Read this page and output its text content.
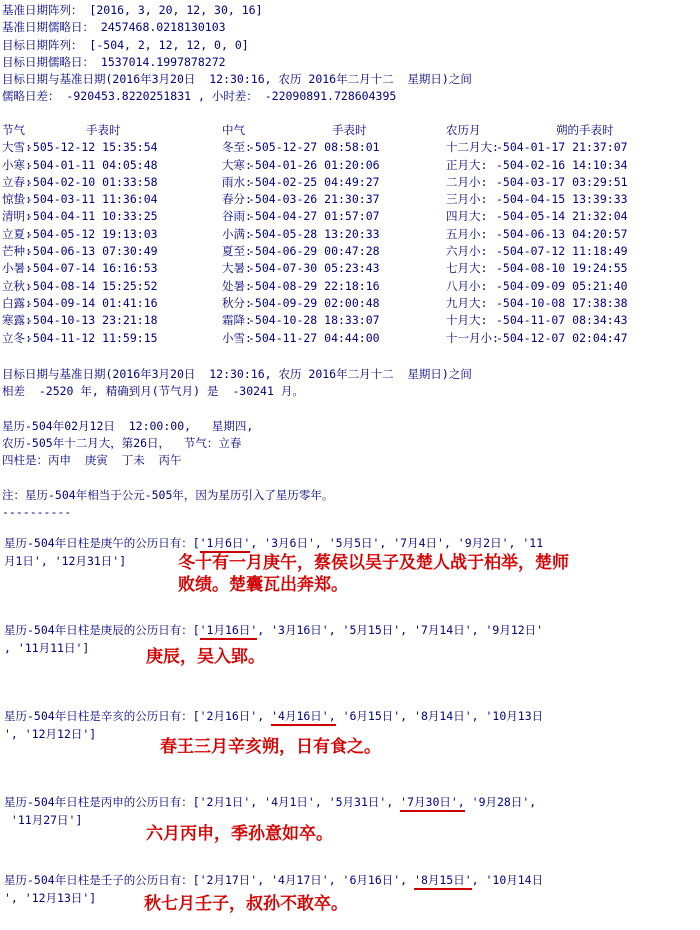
基准日期阵列： [2016, 3, 20, 12, 30, 16]

基准日期儒略日： 2457468.0218130103

目标日期阵列： [-504, 2, 12, 12, 0, 0]

目标日期儒略日： 1537014.1997878272

目标日期与基准日期(2016年3月20日  12:30:16, 农历 2016年二月十二  星期日)之间

儒略日差： -920453.8220251831 , 小时差： -22090891.728604395

节气	手表时	中气	手表时	农历月	朔的手表时
大雪:	-505-12-12 15:35:54	冬至:	-505-12-27 08:58:01	十二月大:	-504-01-17 21:37:07
小寒:	-504-01-11 04:05:48	大寒:	-504-01-26 01:20:06	正月大:	-504-02-16 14:10:34
立春:	-504-02-10 01:33:58	雨水:	-504-02-25 04:49:27	二月小:	-504-03-17 03:29:51
惊蛰:	-504-03-11 11:36:04	春分:	-504-03-26 21:30:37	三月小:	-504-04-15 13:39:33
清明:	-504-04-11 10:33:25	谷雨:	-504-04-27 01:57:07	四月大:	-504-05-14 21:32:04
立夏:	-504-05-12 19:13:03	小满:	-504-05-28 13:20:33	五月小:	-504-06-13 04:20:57
芒种:	-504-06-13 07:30:49	夏至:	-504-06-29 00:47:28	六月小:	-504-07-12 11:18:49
小暑:	-504-07-14 16:16:53	大暑:	-504-07-30 05:23:43	七月大:	-504-08-10 19:24:55
立秋:	-504-08-14 15:25:52	处暑:	-504-08-29 22:18:16	八月小:	-504-09-09 05:21:40
白露:	-504-09-14 01:41:16	秋分:	-504-09-29 02:00:48	九月大:	-504-10-08 17:38:38
寒露:	-504-10-13 23:21:18	霜降:	-504-10-28 18:33:07	十月大:	-504-11-07 08:34:43
立冬:	-504-11-12 11:59:15	小雪:	-504-11-27 04:44:00	十一月小:	-504-12-07 02:04:47

目标日期与基准日期(2016年3月20日  12:30:16, 农历 2016年二月十二  星期日)之间

相差  -2520 年, 精确到月(节气月) 是  -30241 月。

星历-504年02月12日  12:00:00,   星期四,

农历-505年十二月大，第26日，  节气：立春

四柱是：丙申  庚寅  丁未  丙午

注：星历-504年相当于公元-505年，因为星历引入了星历零年。

----------

星历-504年日柱是庚午的公历日有：['1月6日', '3月6日', '5月5日', '7月4日', '9月2日', '11

月1日', '12月31日']	冬十有一月庚午，蔡侯以吴子及楚人战于柏举，楚师
败绩。楚囊瓦出奔郑。

星历-504年日柱是庚辰的公历日有：['1月16日', '3月16日', '5月15日', '7月14日', '9月12日'

, '11月11日']	庚辰，吴入郢。

星历-504年日柱是辛亥的公历日有：['2月16日', '4月16日', '6月15日', '8月14日', '10月13日

', '12月12日']

春王三月辛亥朔，日有食之。

星历-504年日柱是丙申的公历日有：['2月1日', '4月1日', '5月31日', '7月30日', '9月28日',

'11月27日']

六月丙申，季孙意如卒。

星历-504年日柱是壬子的公历日有：['2月17日', '4月17日', '6月16日', '8月15日', '10月14日

', '12月13日']	秋七月壬子，叔孙不敢卒。
